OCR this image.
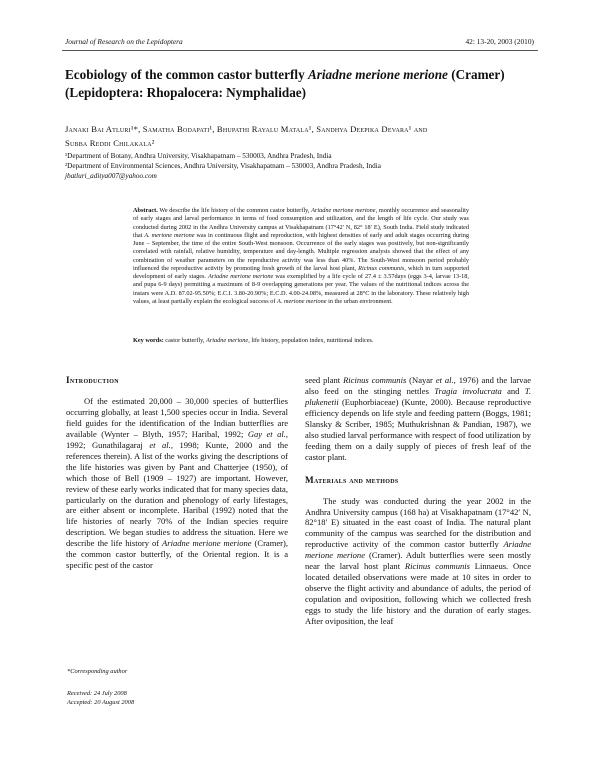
Journal of Research on the Lepidoptera	42: 13-20, 2003 (2010)
Ecobiology of the common castor butterfly Ariadne merione merione (Cramer)
(Lepidoptera: Rhopalocera: Nymphalidae)
Janaki Bai Atluri¹*, Samatha Bodapati¹, Bhupathi Rayalu Matala¹, Sandhya Deepika Devara¹ and
Subba Reddi Chilakala²
¹Department of Botany, Andhra University, Visakhapatnam – 530003, Andhra Pradesh, India
²Department of Environmental Sciences, Andhra University, Visakhapatnam – 530003, Andhra Pradesh, India
jbatluri_aditya007@yahoo.com
Abstract. We describe the life history of the common castor butterfly, Ariadne merione merione, monthly occurrence and seasonality of early stages and larval performance in terms of food consumption and utilization, and the length of life cycle. Our study was conducted during 2002 in the Andhra University campus at Visakhapatnam (17°42′ N, 82° 18′ E), South India. Field study indicated that A. merione merione was in continuous flight and reproduction, with highest densities of early and adult stages occurring during June – September, the time of the entire South-West monsoon. Occurrence of the early stages was positively, but non-significantly correlated with rainfall, relative humidity, temperature and day-length. Multiple regression analysis showed that the effect of any combination of weather parameters on the reproductive activity was less than 40%. The South-West monsoon period probably influenced the reproductive activity by promoting fresh growth of the larval host plant, Ricinus communis, which in turn supported development of early stages. Ariadne merione merione was exemplified by a life cycle of 27.4 ± 3.57days (eggs 3-4, larvae 13-18, and pupa 6-9 days) permitting a maximum of 8-9 overlapping generations per year. The values of the nutritional indices across the instars were A.D. 87.02-95.50%; E.C.I. 3.80-20.90%; E.C.D. 4.00-24.08%, measured at 28°C in the laboratory. These relatively high values, at least partially explain the ecological success of A. merione merione in the urban environment.
Key words: castor butterfly, Ariadne merione, life history, population index, nutritional indices.
Introduction

Of the estimated 20,000 – 30,000 species of butterflies occurring globally, at least 1,500 species occur in India. Several field guides for the identification of the Indian butterflies are available (Wynter – Blyth, 1957; Haribal, 1992; Gay et al., 1992; Gunathilagaraj et al., 1998; Kunte, 2000 and the references therein). A list of the works giving the descriptions of the life histories was given by Pant and Chatterjee (1950), of which those of Bell (1909 – 1927) are important. However, review of these early works indicated that for many species data, particularly on the duration and phenology of early lifestages, are either absent or incomplete. Haribal (1992) noted that the life histories of nearly 70% of the Indian species require description. We began studies to address the situation. Here we describe the life history of Ariadne merione merione (Cramer), the common castor butterfly, of the Oriental region. It is a specific pest of the castor

seed plant Ricinus communis (Nayar et al., 1976) and the larvae also feed on the stinging nettles Tragia involucrata and T. plukenetii (Euphorbiaceae) (Kunte, 2000). Because reproductive efficiency depends on life style and feeding pattern (Boggs, 1981; Slansky & Scriber, 1985; Muthukrishnan & Pandian, 1987), we also studied larval performance with respect of food utilization by feeding them on a daily supply of pieces of fresh leaf of the castor plant.

Materials and methods

The study was conducted during the year 2002 in the Andhra University campus (168 ha) at Visakhapatnam (17°42′ N, 82°18′ E) situated in the east coast of India. The natural plant community of the campus was searched for the distribution and reproductive activity of the common castor butterfly Ariadne merione merione (Cramer). Adult butterflies were seen mostly near the larval host plant Ricinus communis Linnaeus. Once located detailed observations were made at 10 sites in order to observe the flight activity and abundance of adults, the period of copulation and oviposition, following which we collected fresh eggs to study the life history and the duration of early stages. After oviposition, the leaf

*Corresponding author
Received: 24 July 2008
Accepted: 20 August 2008
